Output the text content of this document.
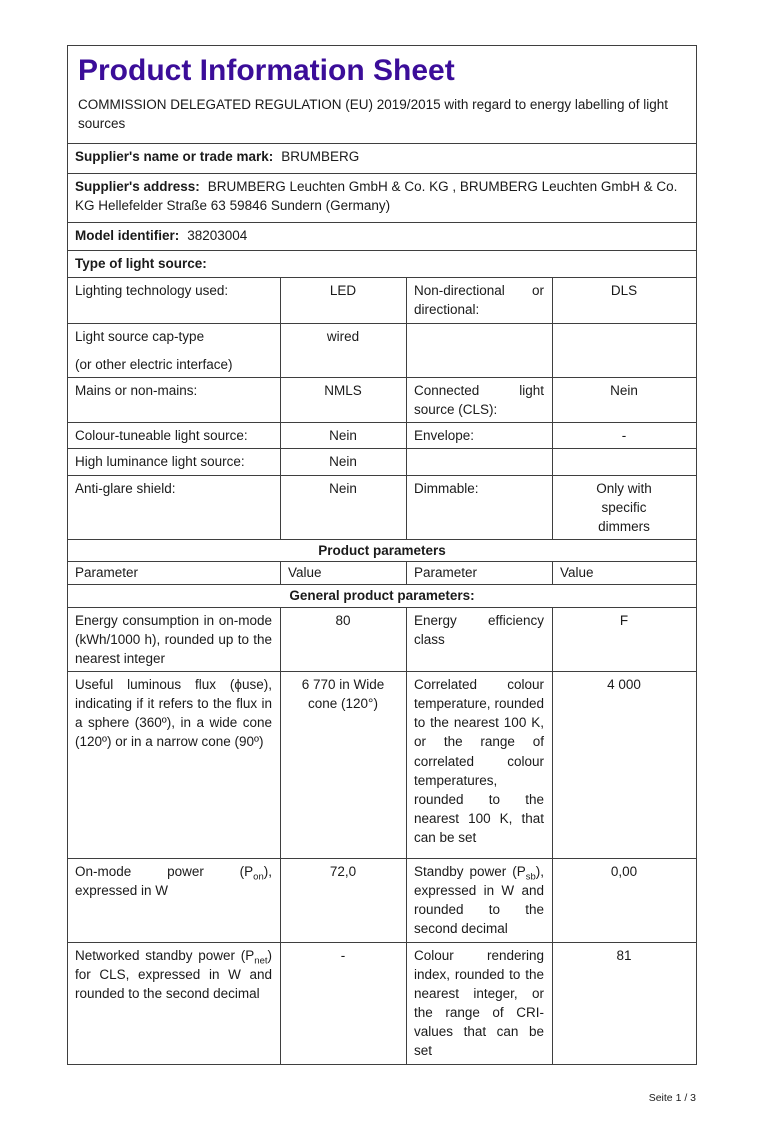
Product Information Sheet

COMMISSION DELEGATED REGULATION (EU) 2019/2015 with regard to energy labelling of light sources

Supplier's name or trade mark: BRUMBERG			
Supplier's address: BRUMBERG Leuchten GmbH & Co. KG , BRUMBERG Leuchten GmbH & Co. KG Hellefelder Straße 63 59846 Sundern (Germany)			
Model identifier: 38203004			
Type of light source:			
Lighting technology used:	LED	Non-directional or directional:	DLS

Light source cap-type
(or other electric interface)	wired		
Mains or non-mains:	NMLS	Connected light source (CLS):	Nein
Colour-tuneable light source:	Nein	Envelope:	-
High luminance light source:	Nein		
Anti-glare shield:	Nein	Dimmable:	Only with specific dimmers
Product parameters			
Parameter	Value	Parameter	Value
General product parameters:			
Energy consumption in on-mode (kWh/1000 h), rounded up to the nearest integer	80	Energy efficiency class	F
Useful luminous flux (ϕuse), indicating if it refers to the flux in a sphere (360º), in a wide cone (120º) or in a narrow cone (90º)	6 770 in Wide cone (120°)	Correlated colour temperature, rounded to the nearest 100 K, or the range of correlated colour temperatures, rounded to the nearest 100 K, that can be set	4 000
On-mode power $(P_{on})$, expressed in W	72,0	Standby power $(P_{sb})$, expressed in W and rounded to the second decimal	0,00
Networked standby power $(P_{net})$ for CLS, expressed in W and rounded to the second decimal	-	Colour rendering index, rounded to the nearest integer, or the range of CRI-values that can be set	81
Seite 1 / 3
